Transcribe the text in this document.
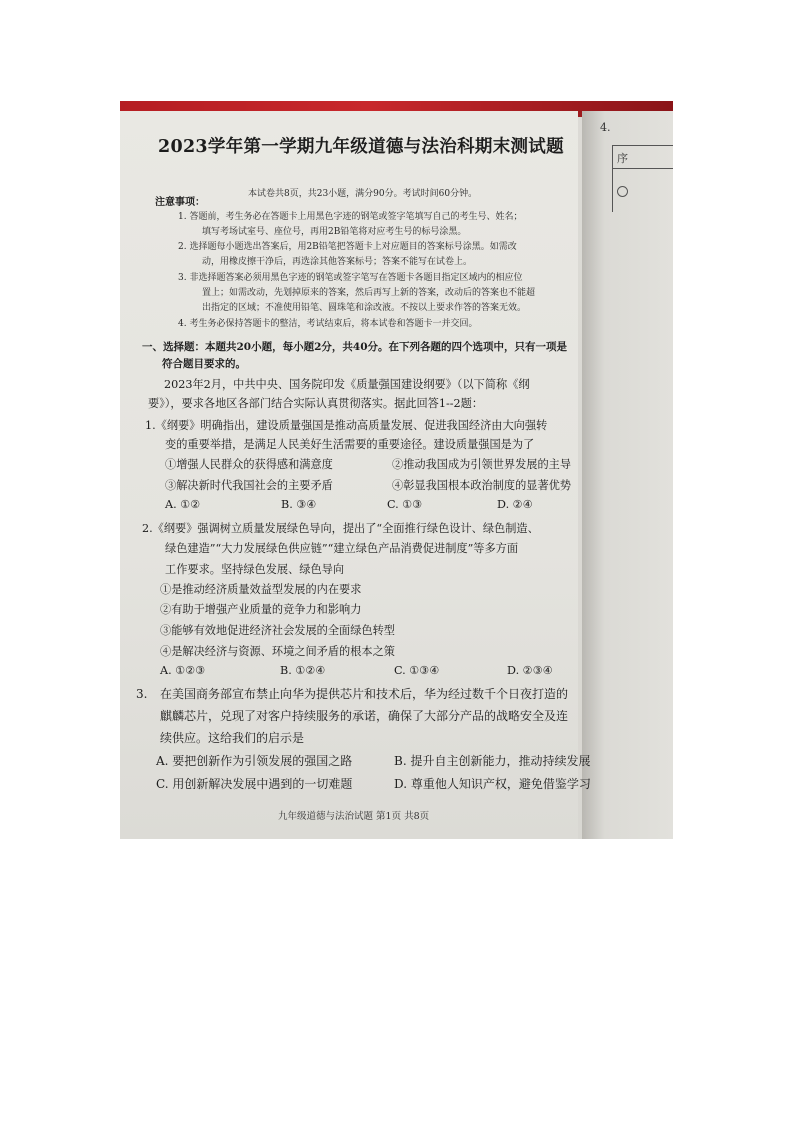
4.
序
2023学年第一学期九年级道德与法治科期末测试题
本试卷共8页，共23小题，满分90分。考试时间60分钟。
注意事项：
1. 答题前，考生务必在答题卡上用黑色字迹的钢笔或签字笔填写自己的考生号、姓名；
填写考场试室号、座位号，再用2B铅笔将对应考生号的标号涂黑。
2. 选择题每小题选出答案后，用2B铅笔把答题卡上对应题目的答案标号涂黑。如需改
动，用橡皮擦干净后，再选涂其他答案标号；答案不能写在试卷上。
3. 非选择题答案必须用黑色字迹的钢笔或签字笔写在答题卡各题目指定区域内的相应位
置上；如需改动，先划掉原来的答案，然后再写上新的答案，改动后的答案也不能超
出指定的区域；不准使用铅笔、圆珠笔和涂改液。不按以上要求作答的答案无效。
4. 考生务必保持答题卡的整洁，考试结束后，将本试卷和答题卡一并交回。
一、选择题：本题共20小题，每小题2分，共40分。在下列各题的四个选项中，只有一项是
符合题目要求的。
2023年2月，中共中央、国务院印发《质量强国建设纲要》（以下简称《纲
要》），要求各地区各部门结合实际认真贯彻落实。据此回答1--2题：
1.《纲要》明确指出，建设质量强国是推动高质量发展、促进我国经济由大向强转
变的重要举措，是满足人民美好生活需要的重要途径。建设质量强国是为了
①增强人民群众的获得感和满意度	②推动我国成为引领世界发展的主导
③解决新时代我国社会的主要矛盾	④彰显我国根本政治制度的显著优势
A. ①②	B. ③④	C. ①③	D. ②④
2.《纲要》强调树立质量发展绿色导向，提出了“全面推行绿色设计、绿色制造、
绿色建造”“大力发展绿色供应链”“建立绿色产品消费促进制度”等多方面
工作要求。坚持绿色发展、绿色导向
①是推动经济质量效益型发展的内在要求
②有助于增强产业质量的竞争力和影响力
③能够有效地促进经济社会发展的全面绿色转型
④是解决经济与资源、环境之间矛盾的根本之策
A. ①②③	B. ①②④	C. ①③④	D. ②③④
3. 在美国商务部宣布禁止向华为提供芯片和技术后，华为经过数千个日夜打造的
麒麟芯片，兑现了对客户持续服务的承诺，确保了大部分产品的战略安全及连
续供应。这给我们的启示是
A. 要把创新作为引领发展的强国之路	B. 提升自主创新能力，推动持续发展
C. 用创新解决发展中遇到的一切难题	D. 尊重他人知识产权，避免借鉴学习
九年级道德与法治试题 第1页 共8页
